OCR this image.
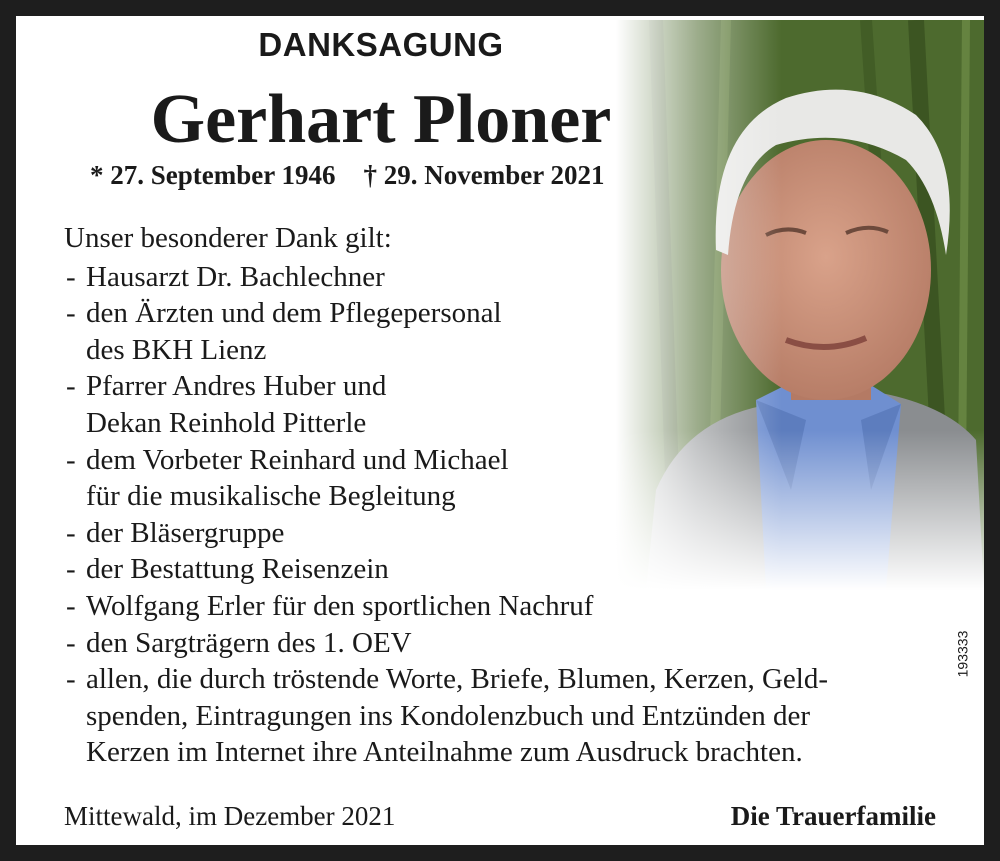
DANKSAGUNG
Gerhart Ploner
* 27. September 1946 † 29. November 2021
Unser besonderer Dank gilt:
- Hausarzt Dr. Bachlechner
- den Ärzten und dem Pflegepersonal
des BKH Lienz
- Pfarrer Andres Huber und
Dekan Reinhold Pitterle
- dem Vorbeter Reinhard und Michael
für die musikalische Begleitung
- der Bläsergruppe
- der Bestattung Reisenzein
- Wolfgang Erler für den sportlichen Nachruf
- den Sargträgern des 1. OEV
- allen, die durch tröstende Worte, Briefe, Blumen, Kerzen, Geld-
spenden, Eintragungen ins Kondolenzbuch und Entzünden der
Kerzen im Internet ihre Anteilnahme zum Ausdruck brachten.
Mittewald, im Dezember 2021	Die Trauerfamilie
193333
